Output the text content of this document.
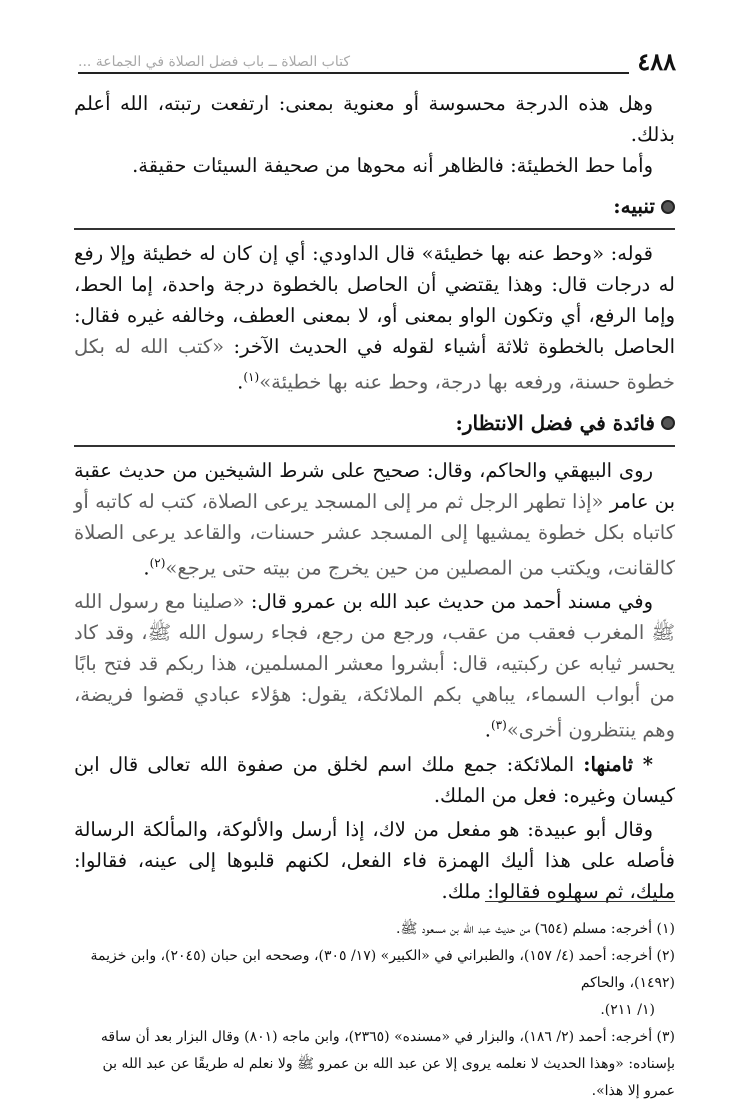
٤٨٨
كتاب الصلاة ــ باب فضل الصلاة في الجماعة ...

وهل هذه الدرجة محسوسة أو معنوية بمعنى: ارتفعت رتبته، الله أعلم بذلك.

وأما حط الخطيئة: فالظاهر أنه محوها من صحيفة السيئات حقيقة.

تنبيه:

قوله: «وحط عنه بها خطيئة» قال الداودي: أي إن كان له خطيئة وإلا رفع له درجات قال: وهذا يقتضي أن الحاصل بالخطوة درجة واحدة، إما الحط، وإما الرفع، أي وتكون الواو بمعنى أو، لا بمعنى العطف، وخالفه غيره فقال: الحاصل بالخطوة ثلاثة أشياء لقوله في الحديث الآخر: «كتب الله له بكل خطوة حسنة، ورفعه بها درجة، وحط عنه بها خطيئة»$^{(١)}$.

فائدة في فضل الانتظار:

روى البيهقي والحاكم، وقال: صحيح على شرط الشيخين من حديث عقبة بن عامر «إذا تطهر الرجل ثم مر إلى المسجد يرعى الصلاة، كتب له كاتبه أو كاتباه بكل خطوة يمشيها إلى المسجد عشر حسنات، والقاعد يرعى الصلاة كالقانت، ويكتب من المصلين من حين يخرج من بيته حتى يرجع»$^{(٢)}$.

وفي مسند أحمد من حديث عبد الله بن عمرو قال: «صلينا مع رسول الله ﷺ المغرب فعقب من عقب، ورجع من رجع، فجاء رسول الله ﷺ، وقد كاد يحسر ثيابه عن ركبتيه، قال: أبشروا معشر المسلمين، هذا ربكم قد فتح بابًا من أبواب السماء، يباهي بكم الملائكة، يقول: هؤلاء عبادي قضوا فريضة، وهم ينتظرون أخرى»$^{(٣)}$.

* ثامنها: الملائكة: جمع ملك اسم لخلق من صفوة الله تعالى قال ابن كيسان وغيره: فعل من الملك.

وقال أبو عبيدة: هو مفعل من لاك، إذا أرسل والألوكة، والمألكة الرسالة فأصله على هذا أليك الهمزة فاء الفعل، لكنهم قلبوها إلى عينه، فقالوا: مليك، ثم سهلوه فقالوا: ملك.

(١) أخرجه: مسلم (٦٥٤) من حديث عبد الله بن مسعود ﷺ.

(٢) أخرجه: أحمد (٤/ ١٥٧)، والطبراني في «الكبير» (١٧/ ٣٠٥)، وصححه ابن حبان (٢٠٤٥)، وابن خزيمة (١٤٩٢)، والحاكم

(١/ ٢١١).

(٣) أخرجه: أحمد (٢/ ١٨٦)، والبزار في «مسنده» (٢٣٦٥)، وابن ماجه (٨٠١) وقال البزار بعد أن ساقه بإسناده: «وهذا الحديث لا نعلمه يروى إلا عن عبد الله بن عمرو ﷺ ولا نعلم له طريقًا عن عبد الله بن عمرو إلا هذا».
